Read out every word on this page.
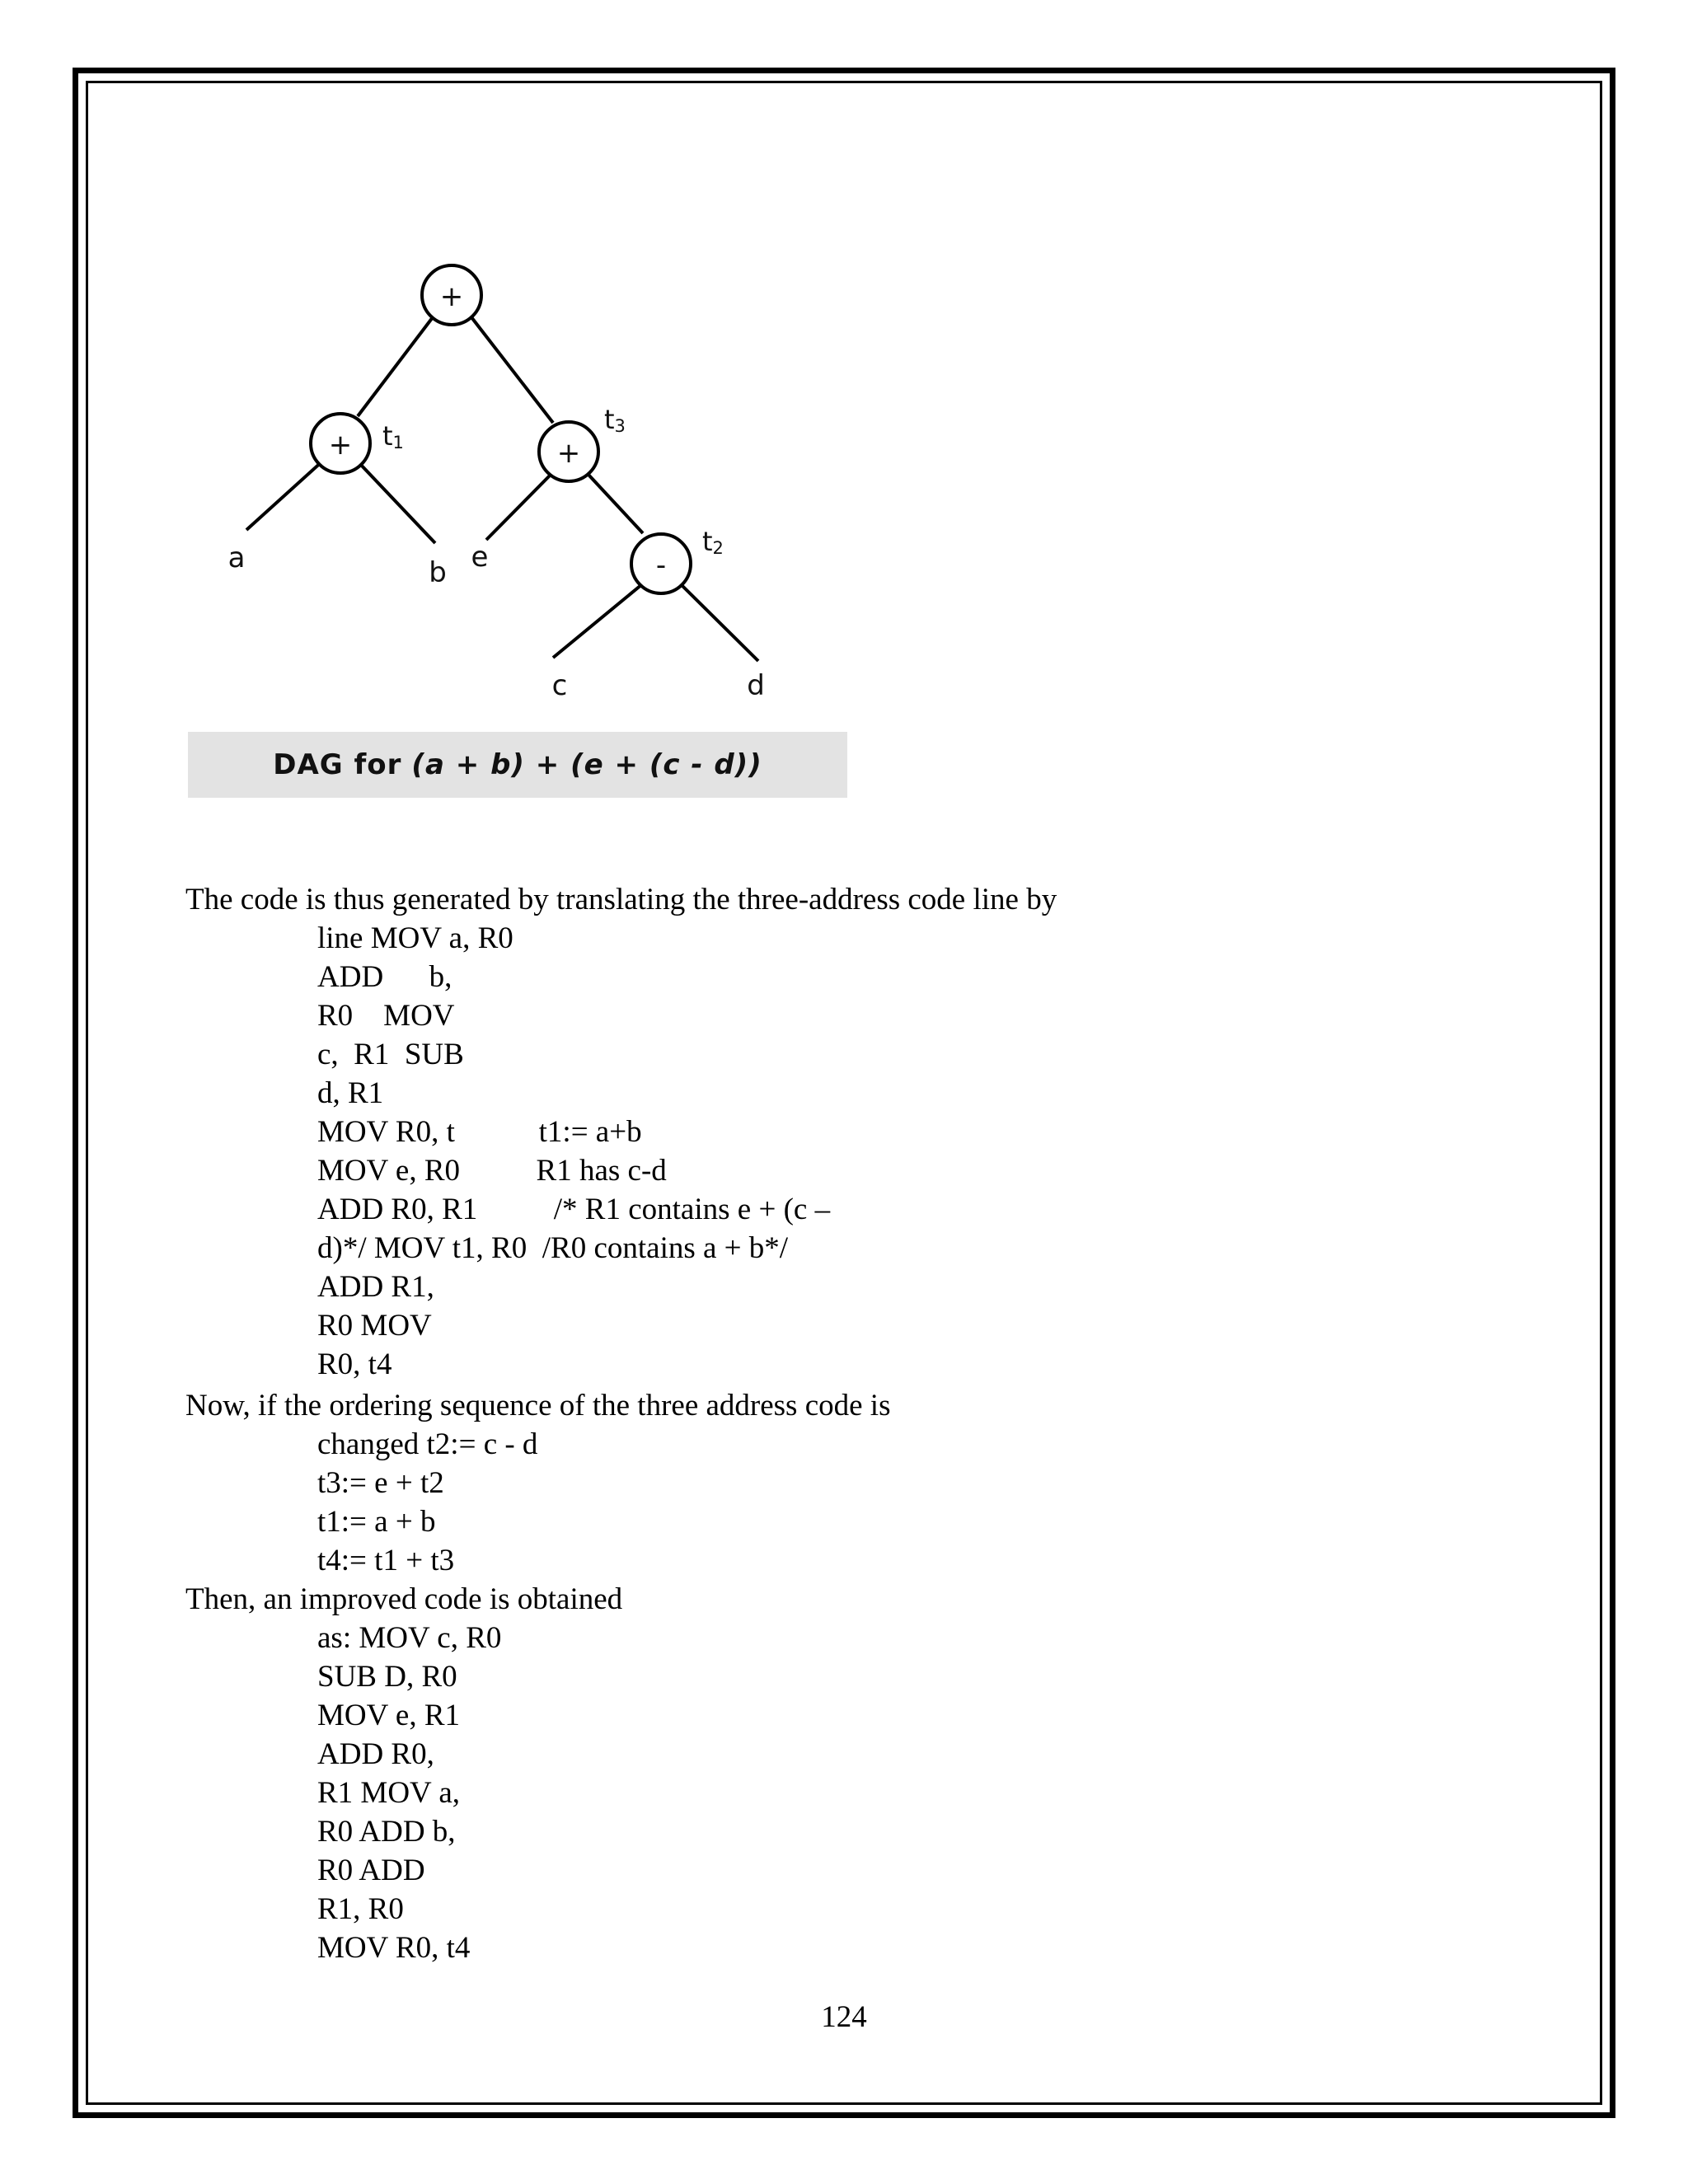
+
+	+
-
a	b e
c	d
t1
t3
t2
DAG for (a + b) + (e + (c - d))
The code is thus generated by translating the three-address code line by
line MOV a, R0
ADD      b,
R0    MOV
c,  R1  SUB
d, R1
MOV R0, t           t1:= a+b
MOV e, R0          R1 has c-d
ADD R0, R1          /* R1 contains e + (c –
d)*/ MOV t1, R0  /R0 contains a + b*/
ADD R1,
R0 MOV
R0, t4
Now, if the ordering sequence of the three address code is
changed t2:= c - d
t3:= e + t2
t1:= a + b
t4:= t1 + t3
Then, an improved code is obtained
as: MOV c, R0
SUB D, R0
MOV e, R1
ADD R0,
R1 MOV a,
R0 ADD b,
R0 ADD
R1, R0
MOV R0, t4
124
